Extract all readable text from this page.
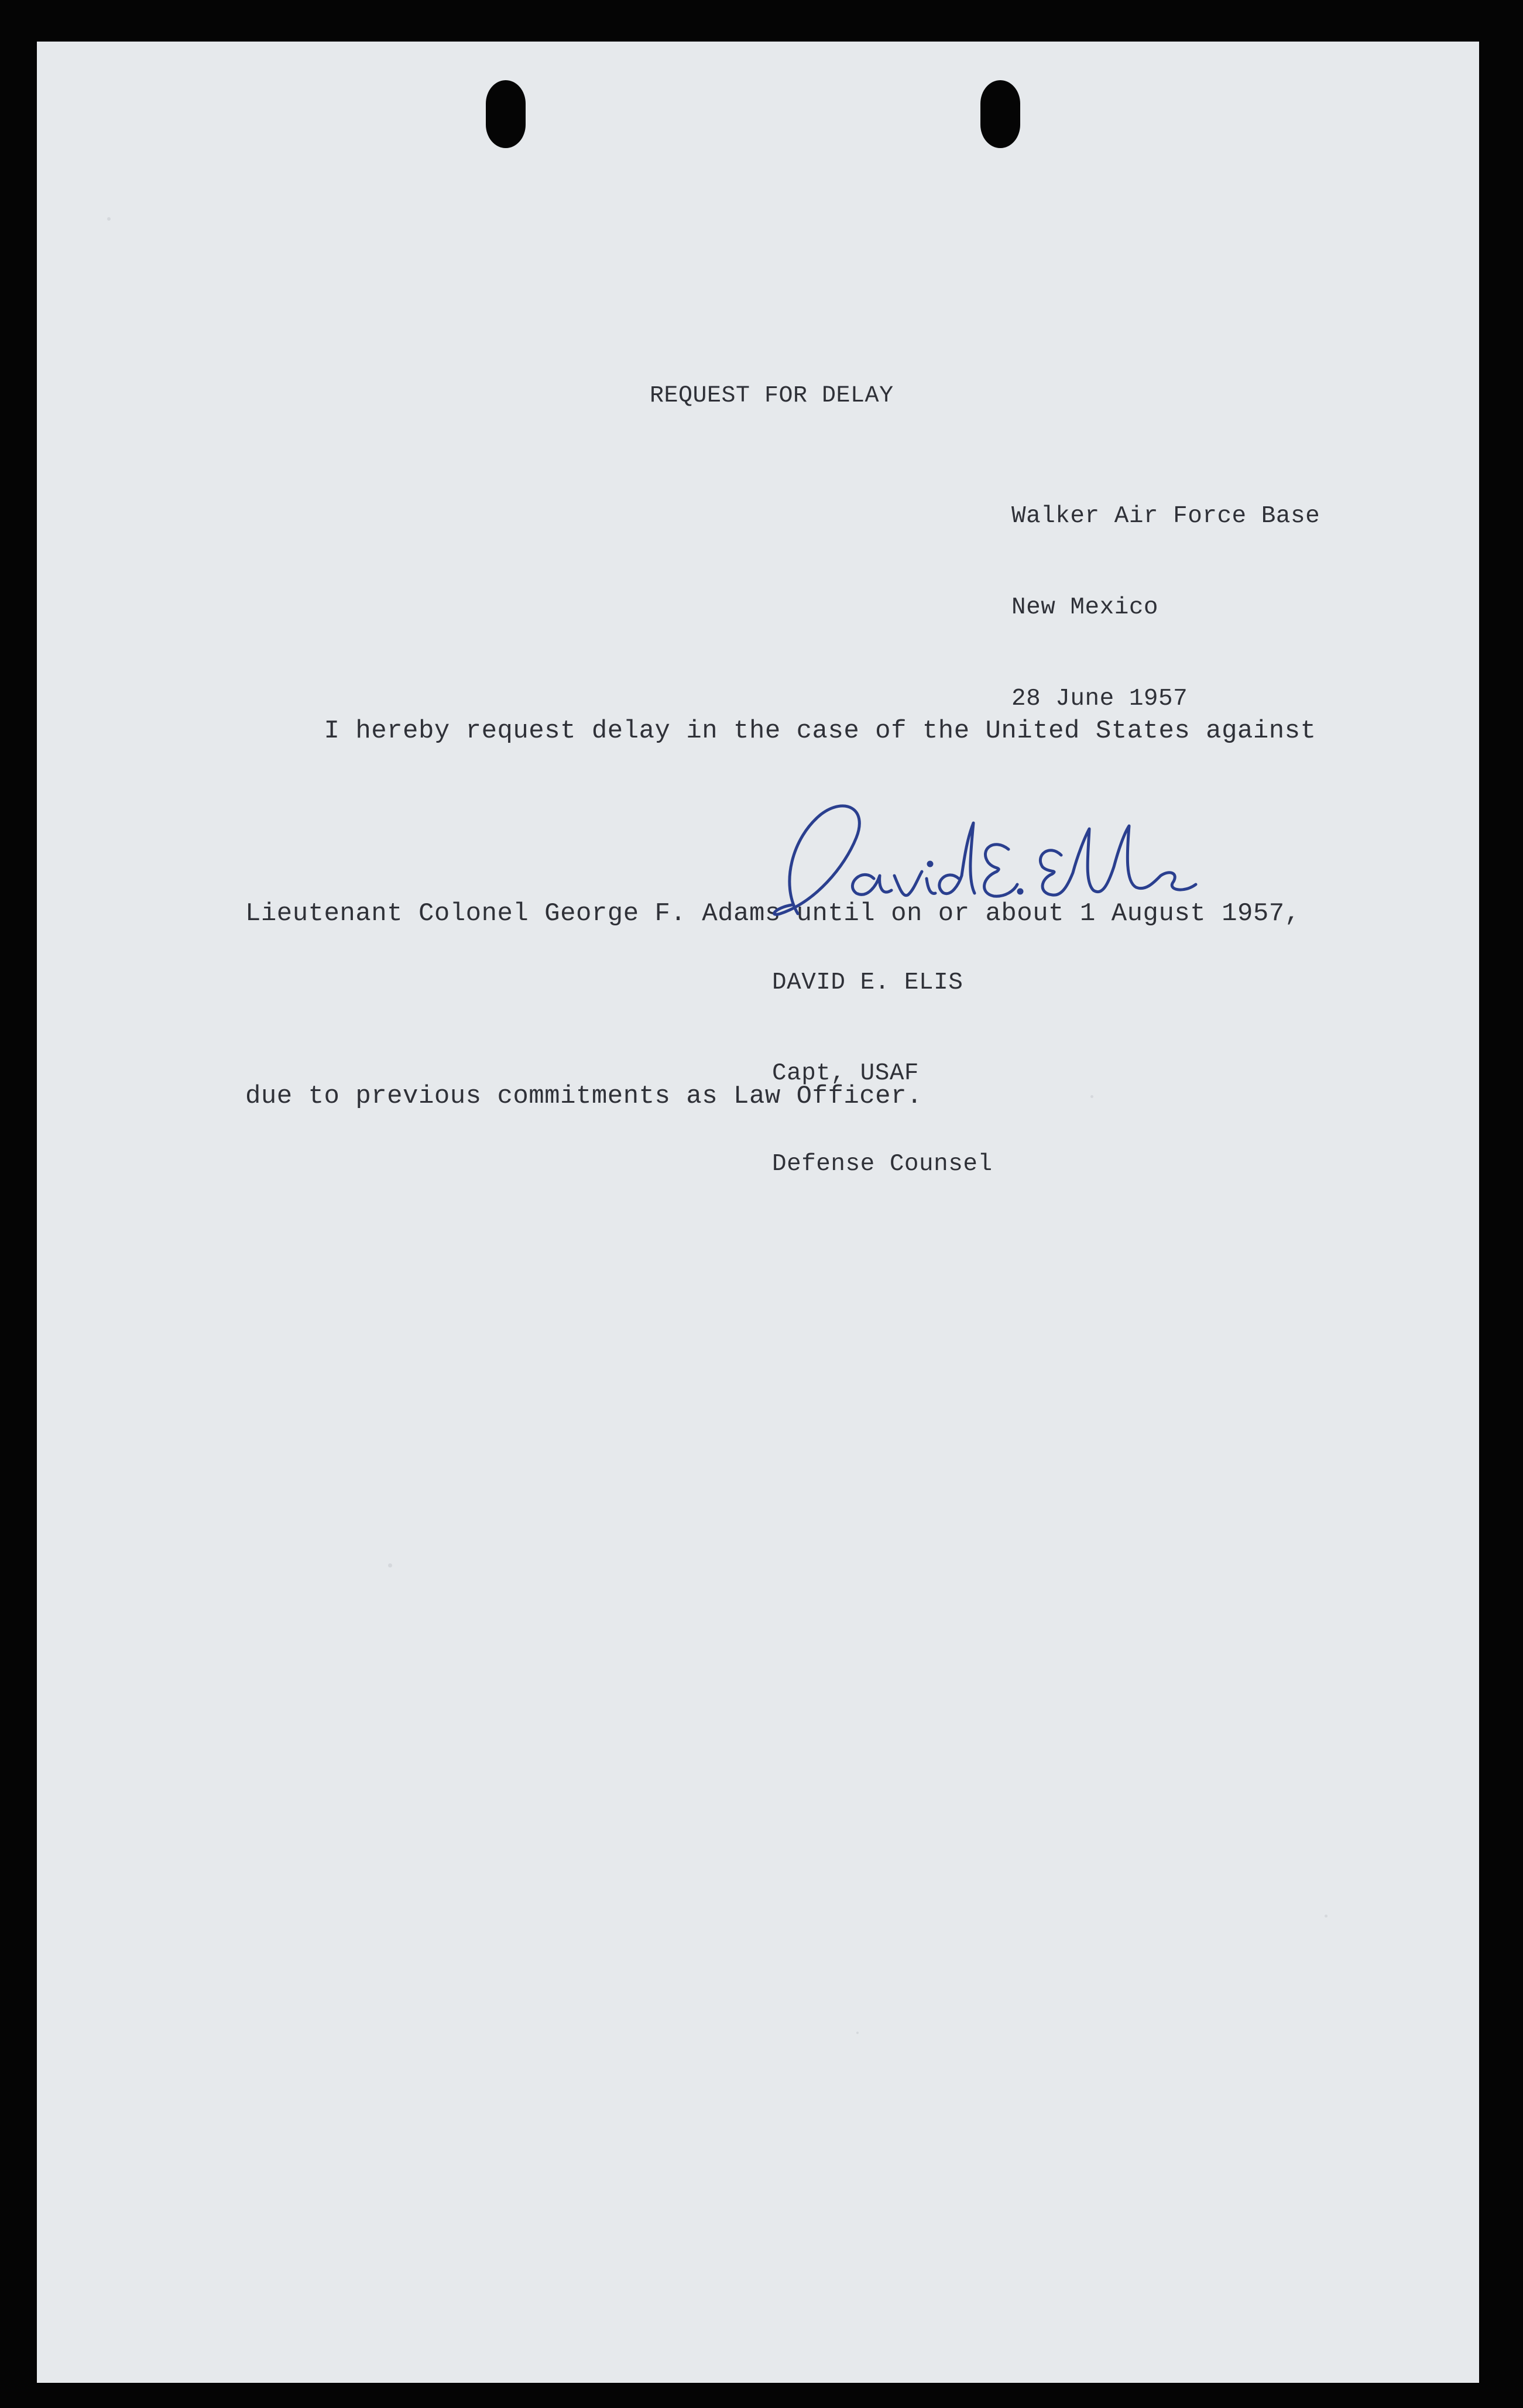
REQUEST FOR DELAY

Walker Air Force Base

New Mexico

28 June 1957

I hereby request delay in the case of the United States against

Lieutenant Colonel George F. Adams until on or about 1 August 1957,

due to previous commitments as Law Officer.

DAVID E. ELIS

Capt, USAF

Defense Counsel
